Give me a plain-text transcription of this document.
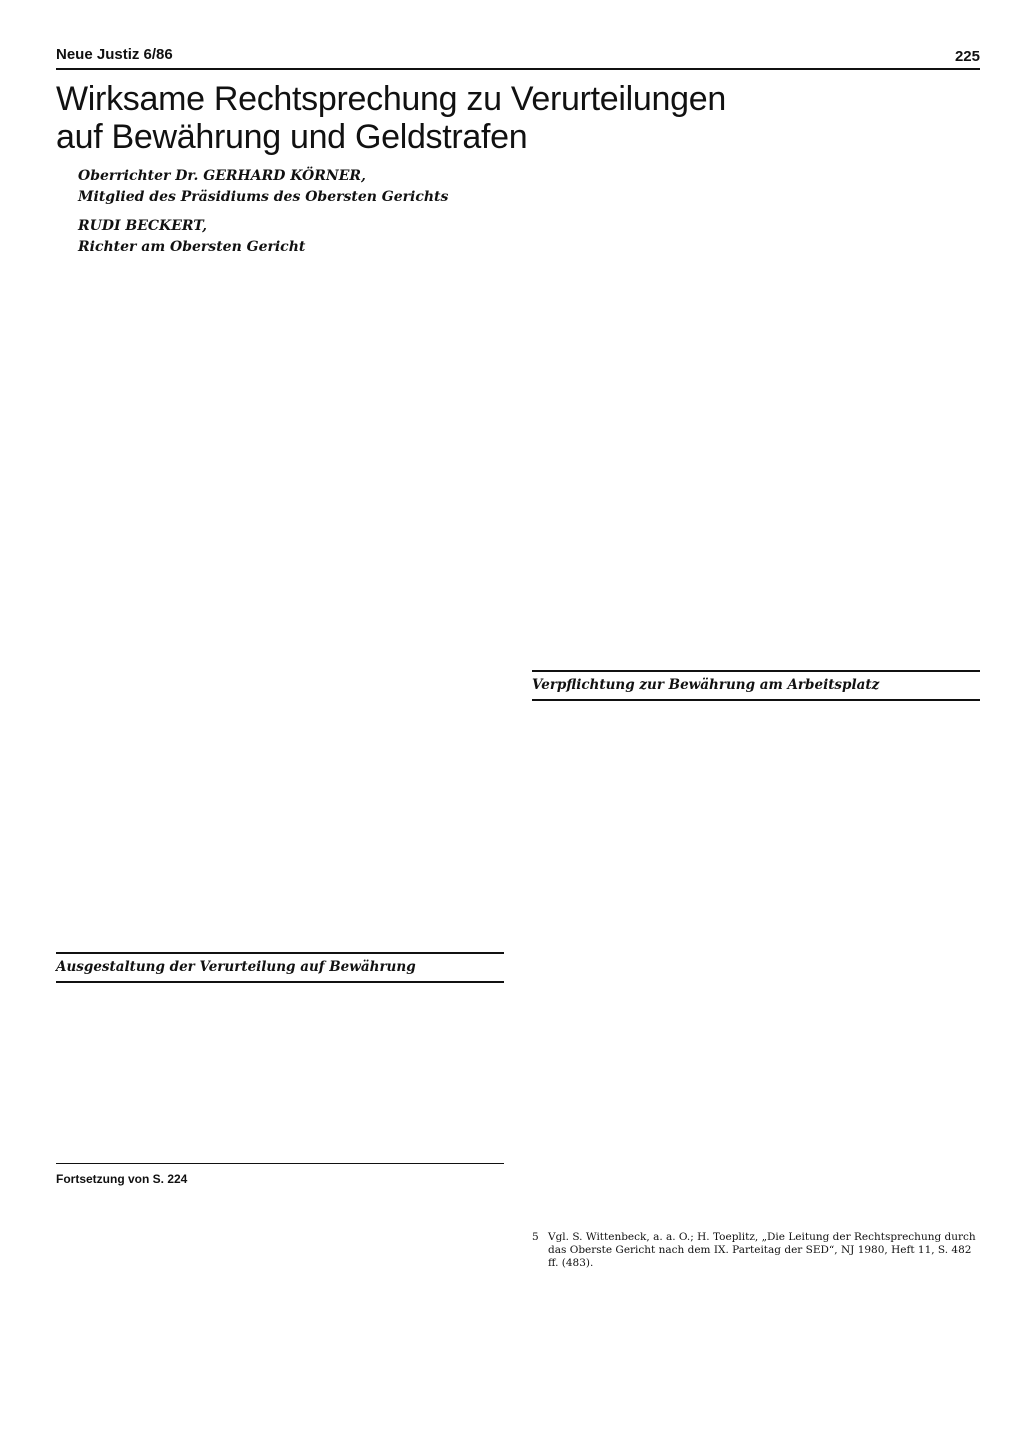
Neue Justiz 6/86	225
Wirksame Rechtsprechung zu Verurteilungen
auf Bewährung und Geldstrafen
Oberrichter Dr. GERHARD KÖRNER,
Mitglied des Präsidiums des Obersten Gerichts
RUDI BECKERT,
Richter am Obersten Gericht
Ausgestaltung der Verurteilung auf Bewährung
Fortsetzung von S. 224
Verpflichtung zur Bewährung am Arbeitsplatz

5 Vgl. S. Wittenbeck, a. a. O.; H. Toeplitz, „Die Leitung der Rechtsprechung durch das Oberste Gericht nach dem IX. Parteitag der SED“, NJ 1980, Heft 11, S. 482 ff. (483).
